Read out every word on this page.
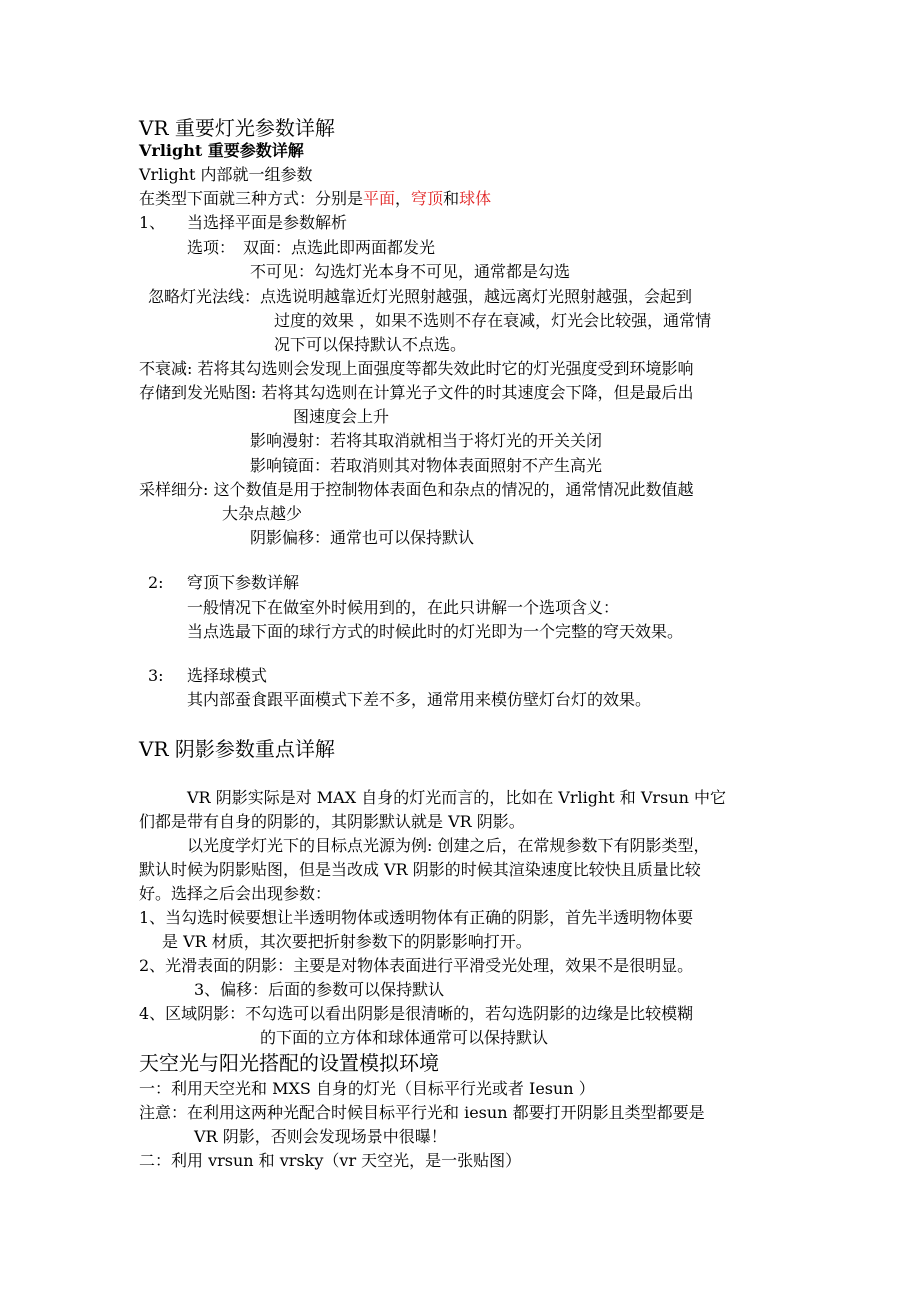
VR 重要灯光参数详解
Vrlight 重要参数详解
Vrlight 内部就一组参数
在类型下面就三种方式：分别是平面，穹顶和球体
1、 当选择平面是参数解析
选项：　双面：点选此即两面都发光
不可见：勾选灯光本身不可见，通常都是勾选
忽略灯光法线：点选说明越靠近灯光照射越强，越远离灯光照射越强，会起到
过度的效果 ，如果不选则不存在衰减，灯光会比较强，通常情
况下可以保持默认不点选。
不衰减: 若将其勾选则会发现上面强度等都失效此时它的灯光强度受到环境影响
存储到发光贴图: 若将其勾选则在计算光子文件的时其速度会下降，但是最后出
图速度会上升
影响漫射：若将其取消就相当于将灯光的开关关闭
影响镜面：若取消则其对物体表面照射不产生高光
采样细分: 这个数值是用于控制物体表面色和杂点的情况的，通常情况此数值越
大杂点越少
阴影偏移：通常也可以保持默认
2: 穹顶下参数详解
一般情况下在做室外时候用到的，在此只讲解一个选项含义：
当点选最下面的球行方式的时候此时的灯光即为一个完整的穹天效果。
3: 选择球模式
其内部蚕食跟平面模式下差不多，通常用来模仿壁灯台灯的效果。
VR 阴影参数重点详解
VR 阴影实际是对 MAX 自身的灯光而言的，比如在 Vrlight 和 Vrsun 中它
们都是带有自身的阴影的，其阴影默认就是 VR 阴影。
以光度学灯光下的目标点光源为例: 创建之后，在常规参数下有阴影类型，
默认时候为阴影贴图，但是当改成 VR 阴影的时候其渲染速度比较快且质量比较
好。选择之后会出现参数：
1、当勾选时候要想让半透明物体或透明物体有正确的阴影，首先半透明物体要
是 VR 材质，其次要把折射参数下的阴影影响打开。
2、光滑表面的阴影：主要是对物体表面进行平滑受光处理，效果不是很明显。
3、偏移：后面的参数可以保持默认
4、区域阴影：不勾选可以看出阴影是很清晰的，若勾选阴影的边缘是比较模糊
的下面的立方体和球体通常可以保持默认
天空光与阳光搭配的设置模拟环境
一：利用天空光和 MXS 自身的灯光（目标平行光或者 Iesun ）
注意：在利用这两种光配合时候目标平行光和 iesun 都要打开阴影且类型都要是
VR 阴影，否则会发现场景中很曝！
二：利用 vrsun 和 vrsky（vr 天空光，是一张贴图）
